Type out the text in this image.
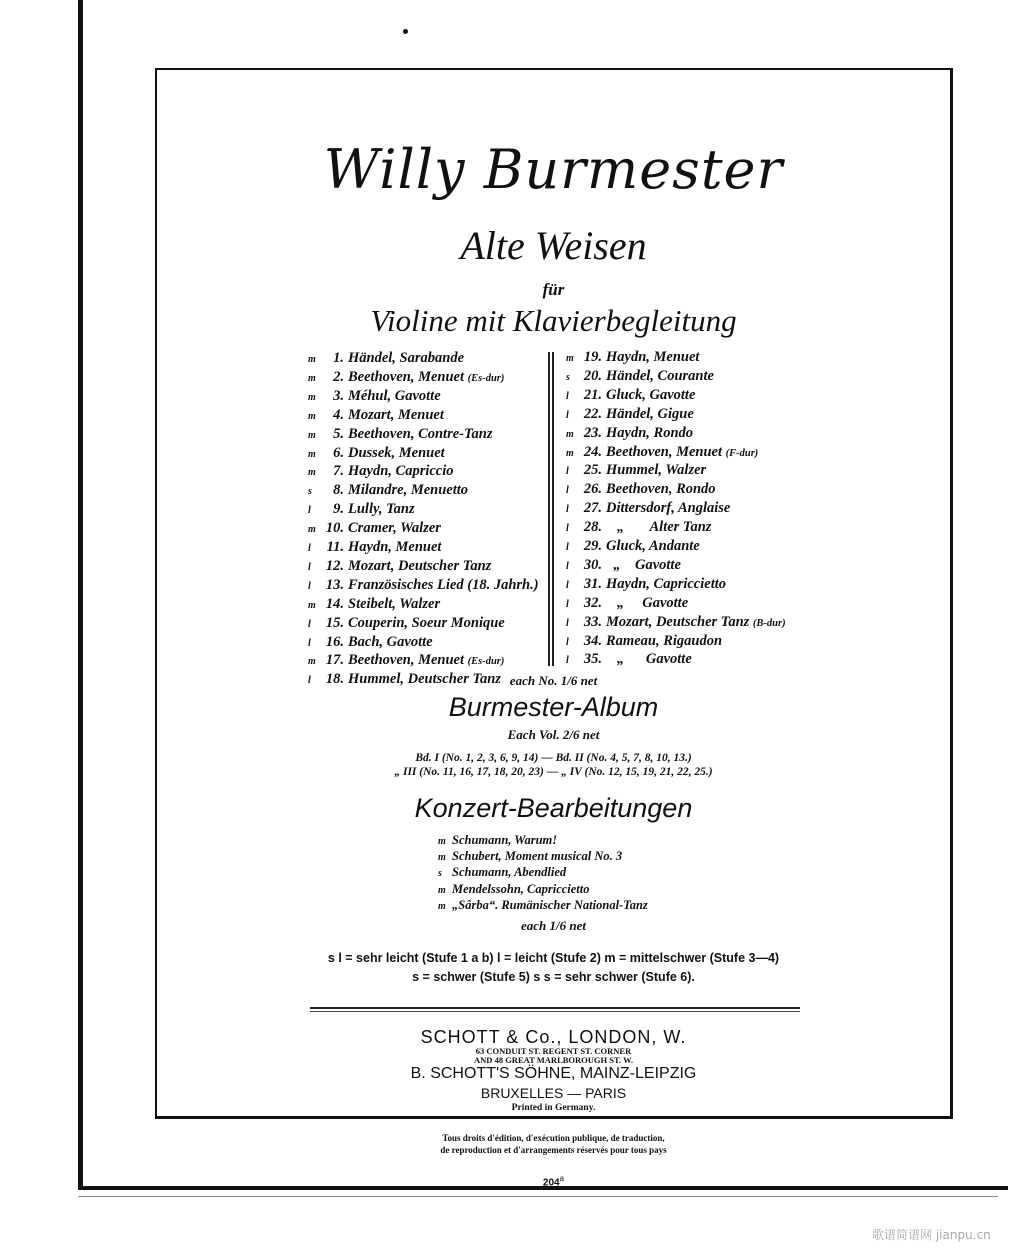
Willy Burmester
Alte Weisen
für
Violine mit Klavierbegleitung
m 1. Händel, Sarabande
m 2. Beethoven, Menuet (Es-dur)
m 3. Méhul, Gavotte
m 4. Mozart, Menuet
m 5. Beethoven, Contre-Tanz
m 6. Dussek, Menuet
m 7. Haydn, Capriccio
s 8. Milandre, Menuetto
l 9. Lully, Tanz
m 10. Cramer, Walzer
l 11. Haydn, Menuet
l 12. Mozart, Deutscher Tanz
l 13. Französisches Lied (18. Jahrh.)
m 14. Steibelt, Walzer
l 15. Couperin, Soeur Monique
l 16. Bach, Gavotte
m 17. Beethoven, Menuet (Es-dur)
l 18. Hummel, Deutscher Tanz
m 19. Haydn, Menuet
s 20. Händel, Courante
l 21. Gluck, Gavotte
l 22. Händel, Gigue
m 23. Haydn, Rondo
m 24. Beethoven, Menuet (F-dur)
l 25. Hummel, Walzer
l 26. Beethoven, Rondo
l 27. Dittersdorf, Anglaise
l 28.   „       Alter Tanz
l 29. Gluck, Andante
l 30.  „    Gavotte
l 31. Haydn, Capriccietto
l 32.   „     Gavotte
l 33. Mozart, Deutscher Tanz (B-dur)
l 34. Rameau, Rigaudon
l 35.   „      Gavotte
each No. 1/6 net
Burmester-Album
Each Vol. 2/6 net
Bd. I (No. 1, 2, 3, 6, 9, 14) — Bd. II (No. 4, 5, 7, 8, 10, 13.)
„ III (No. 11, 16, 17, 18, 20, 23) — „ IV (No. 12, 15, 19, 21, 22, 25.)
Konzert-Bearbeitungen
m Schumann, Warum!
m Schubert, Moment musical No. 3
s Schumann, Abendlied
m Mendelssohn, Capriccietto
m „Sârba“. Rumänischer National-Tanz
each 1/6 net
s l = sehr leicht (Stufe 1 a b) l = leicht (Stufe 2) m = mittelschwer (Stufe 3—4)
s = schwer (Stufe 5) s s = sehr schwer (Stufe 6).
SCHOTT & Co., LONDON, W.
63 CONDUIT ST. REGENT ST. CORNER
AND 48 GREAT MARLBOROUGH ST. W.
B. SCHOTT'S SÖHNE, MAINZ-LEIPZIG
BRUXELLES — PARIS
Printed in Germany.
Tous droits d'édition, d'exécution publique, de traduction,
de reproduction et d'arrangements réservés pour tous pays
204$^a$
歌谱简谱网 jianpu.cn
